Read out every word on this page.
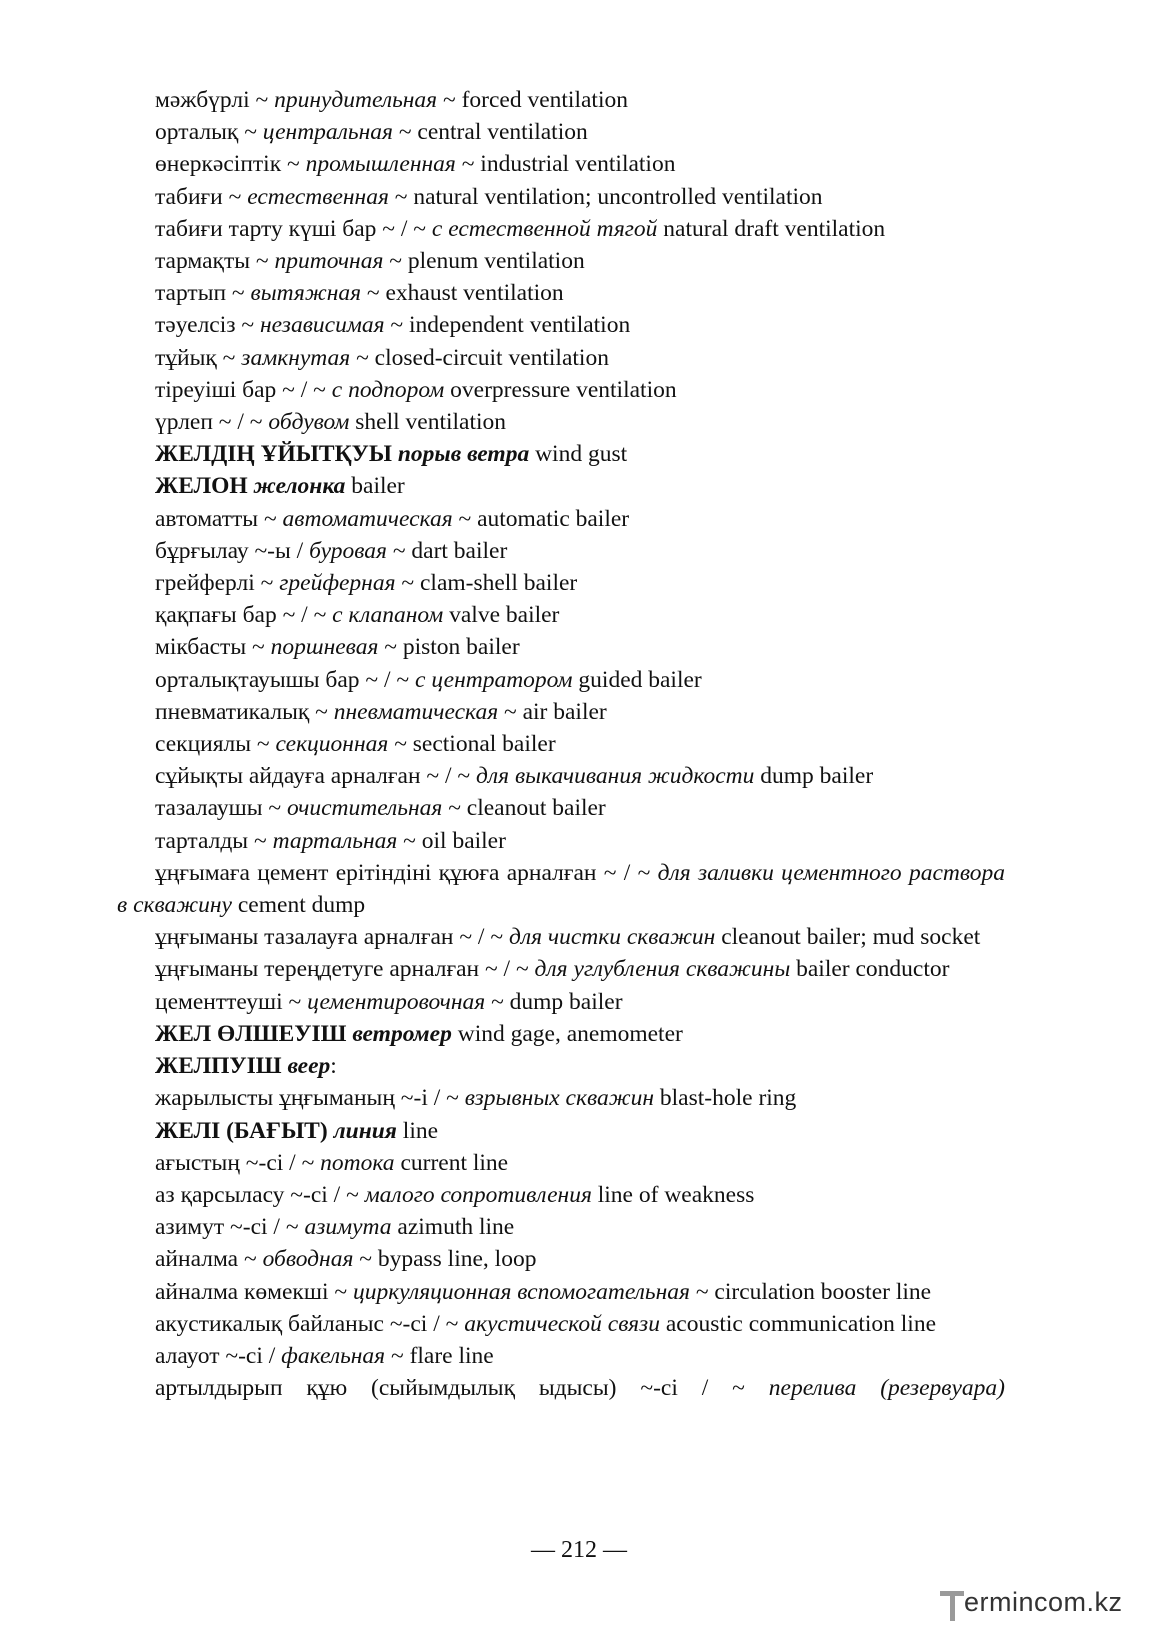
мәжбүрлі ~ принудительная ~ forced ventilation

орталық ~ центральная ~ central ventilation

өнеркәсіптік ~ промышленная ~ industrial ventilation

табиғи ~ естественная ~ natural ventilation; uncontrolled ventilation

табиғи тарту күші бар ~ / ~ с естественной тягой natural draft ventilation

тармақты ~ приточная ~ plenum ventilation

тартып ~ вытяжная ~ exhaust ventilation

тәуелсіз ~ независимая ~ independent ventilation

тұйық ~ замкнутая ~ closed-circuit ventilation

тіреуіші бар ~ / ~ с подпором overpressure ventilation

үрлеп ~ / ~ обдувом shell ventilation

ЖЕЛДІҢ ҰЙЫТҚУЫ порыв ветра wind gust

ЖЕЛОН желонка bailer

автоматты ~ автоматическая ~ automatic bailer

бұрғылау ~-ы / буровая ~ dart bailer

грейферлі ~ грейферная ~ clam-shell bailer

қақпағы бар ~ / ~ с клапаном valve bailer

мікбасты ~ поршневая ~ piston bailer

орталықтауышы бар ~ / ~ с центратором guided bailer

пневматикалық ~ пневматическая ~ air bailer

секциялы ~ секционная ~ sectional bailer

сұйықты айдауға арналған ~ / ~ для выкачивания жидкости dump bailer

тазалаушы ~ очистительная ~ cleanout bailer

тарталды ~ тартальная ~ oil bailer

ұңғымаға цемент ерітіндіні құюға арналған ~ / ~ для заливки цементного раствора в скважину cement dump

ұңғыманы тазалауға арналған ~ / ~ для чистки скважин cleanout bailer; mud socket

ұңғыманы тереңдетуге арналған ~ / ~ для углубления скважины bailer conductor

цементтеуші ~ цементировочная ~ dump bailer

ЖЕЛ ӨЛШЕУІШ ветромер wind gage, anemometer

ЖЕЛПУІШ веер:

жарылысты ұңғыманың ~-і / ~ взрывных скважин blast-hole ring

ЖЕЛІ (БАҒЫТ) линия line

ағыстың ~-сі / ~ потока current line

аз қарсыласу ~-сі / ~ малого сопротивления line of weakness

азимут ~-сі / ~ азимута azimuth line

айналма ~ обводная ~ bypass line, loop

айналма көмекші ~ циркуляционная вспомогательная ~ circulation booster line

акустикалық байланыс ~-сі / ~ акустической связи acoustic communication line

алауот ~-сі / факельная ~ flare line

артылдырып құю (сыйымдылық ыдысы) ~-сі / ~ перелива (резервуара)

― 212 ―
ermincom.kz
